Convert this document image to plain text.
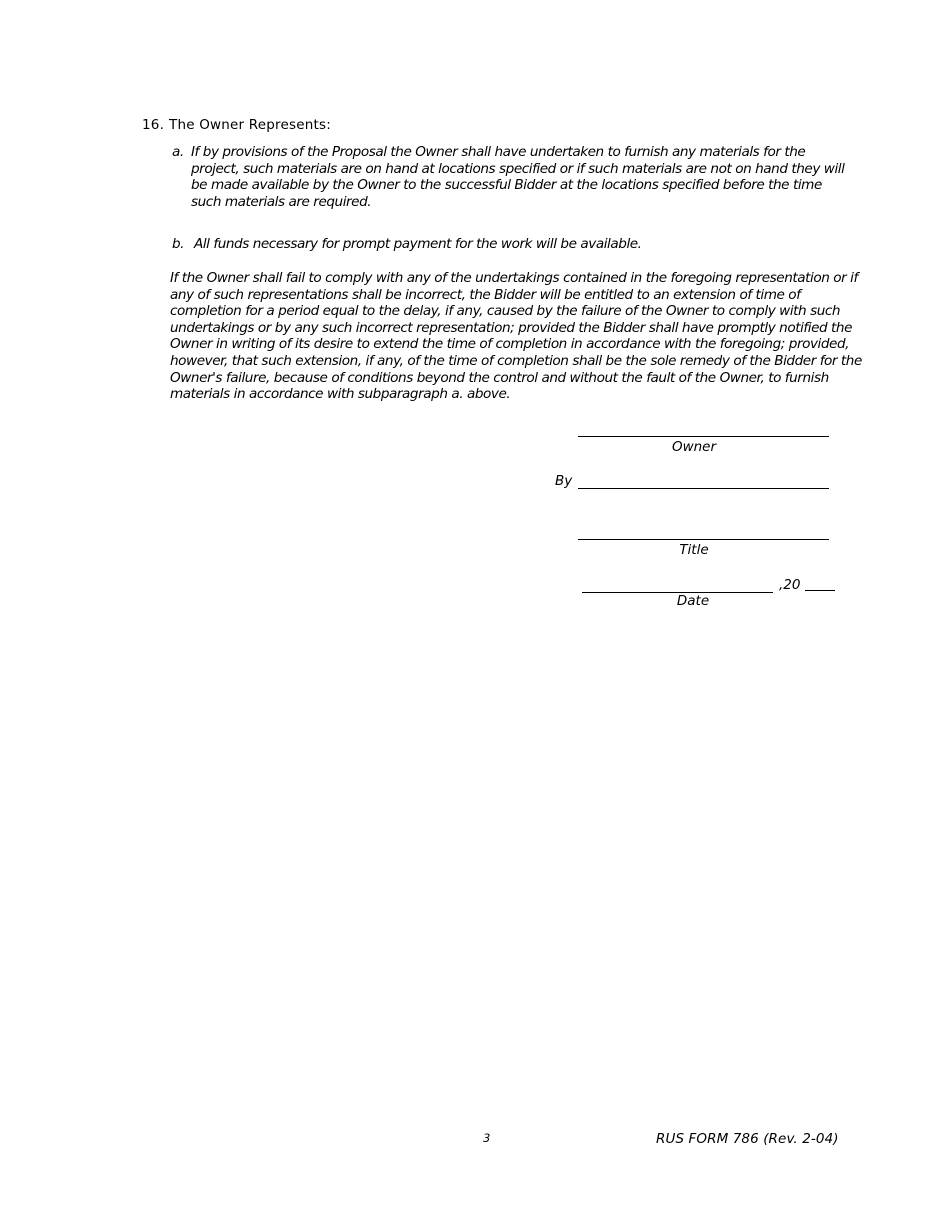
16. The Owner Represents:
a. If by provisions of the Proposal the Owner shall have undertaken to furnish any materials for the project, such materials are on hand at locations specified or if such materials are not on hand they will be made available by the Owner to the successful Bidder at the locations specified before the time such materials are required.
b. All funds necessary for prompt payment for the work will be available.
If the Owner shall fail to comply with any of the undertakings contained in the foregoing representation or if any of such representations shall be incorrect, the Bidder will be entitled to an extension of time of completion for a period equal to the delay, if any, caused by the failure of the Owner to comply with such undertakings or by any such incorrect representation; provided the Bidder shall have promptly notified the Owner in writing of its desire to extend the time of completion in accordance with the foregoing; provided, however, that such extension, if any, of the time of completion shall be the sole remedy of the Bidder for the Owner's failure, because of conditions beyond the control and without the fault of the Owner, to furnish materials in accordance with subparagraph a. above.
Owner
By
Title
,20
Date
3	RUS FORM 786 (Rev. 2-04)
